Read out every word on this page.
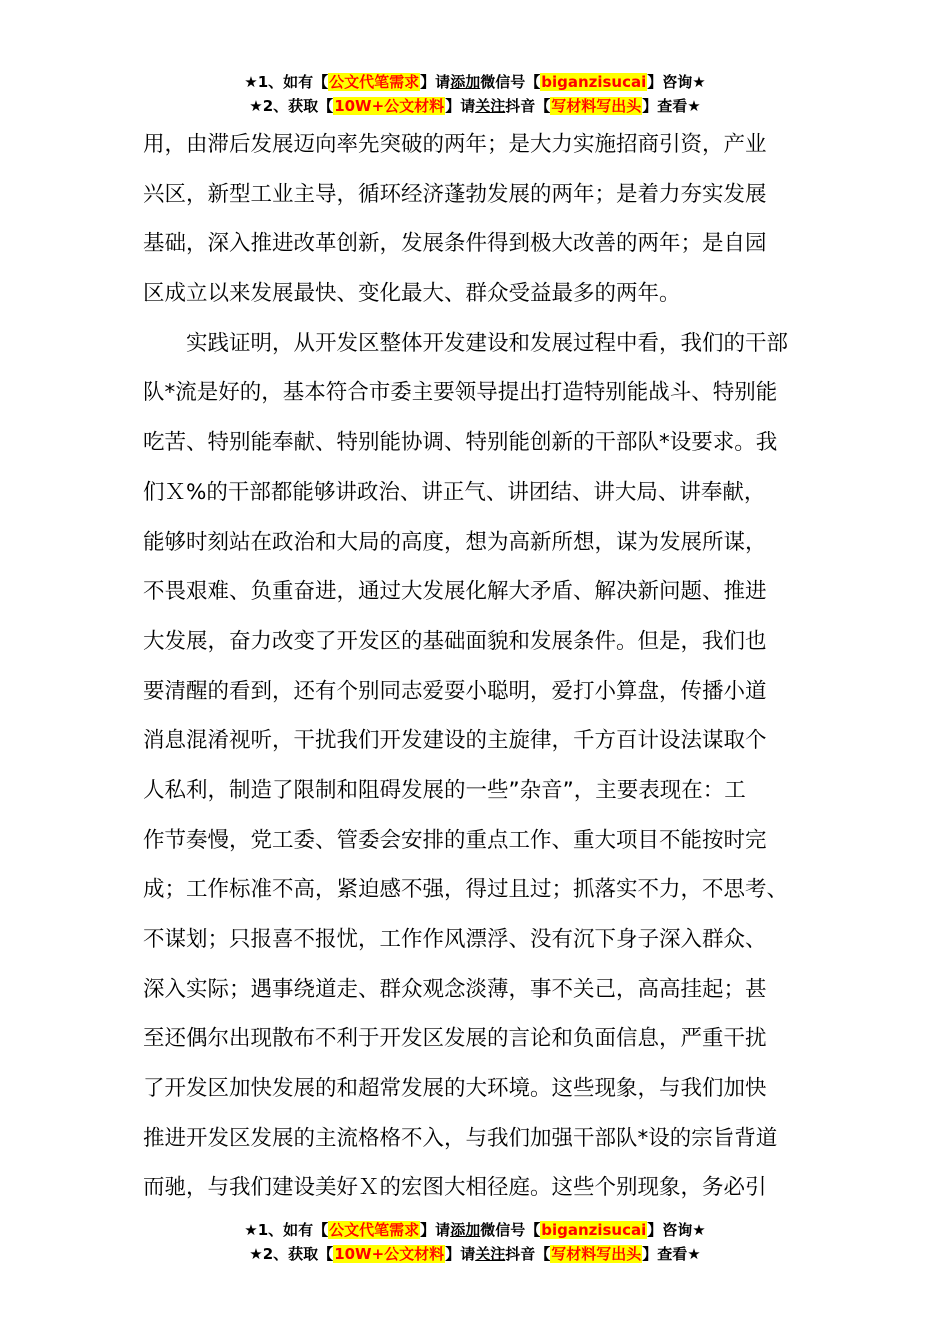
★1、如有【公文代笔需求】请添加微信号【biganzisucai】咨询★
★2、获取【10W+公文材料】请关注抖音【写材料写出头】查看★
用，由滞后发展迈向率先突破的两年；是大力实施招商引资，产业
兴区，新型工业主导，循环经济蓬勃发展的两年；是着力夯实发展
基础，深入推进改革创新，发展条件得到极大改善的两年；是自园
区成立以来发展最快、变化最大、群众受益最多的两年。
　　实践证明，从开发区整体开发建设和发展过程中看，我们的干部
队*流是好的，基本符合市委主要领导提出打造特别能战斗、特别能
吃苦、特别能奉献、特别能协调、特别能创新的干部队*设要求。我
们Ｘ%的干部都能够讲政治、讲正气、讲团结、讲大局、讲奉献，
能够时刻站在政治和大局的高度，想为高新所想，谋为发展所谋，
不畏艰难、负重奋进，通过大发展化解大矛盾、解决新问题、推进
大发展，奋力改变了开发区的基础面貌和发展条件。但是，我们也
要清醒的看到，还有个别同志爱耍小聪明，爱打小算盘，传播小道
消息混淆视听，干扰我们开发建设的主旋律，千方百计设法谋取个
人私利，制造了限制和阻碍发展的一些”杂音”，主要表现在：工
作节奏慢，党工委、管委会安排的重点工作、重大项目不能按时完
成；工作标准不高，紧迫感不强，得过且过；抓落实不力，不思考、
不谋划；只报喜不报忧，工作作风漂浮、没有沉下身子深入群众、
深入实际；遇事绕道走、群众观念淡薄，事不关己，高高挂起；甚
至还偶尔出现散布不利于开发区发展的言论和负面信息，严重干扰
了开发区加快发展的和超常发展的大环境。这些现象，与我们加快
推进开发区发展的主流格格不入，与我们加强干部队*设的宗旨背道
而驰，与我们建设美好Ｘ的宏图大相径庭。这些个别现象，务必引
★1、如有【公文代笔需求】请添加微信号【biganzisucai】咨询★
★2、获取【10W+公文材料】请关注抖音【写材料写出头】查看★
